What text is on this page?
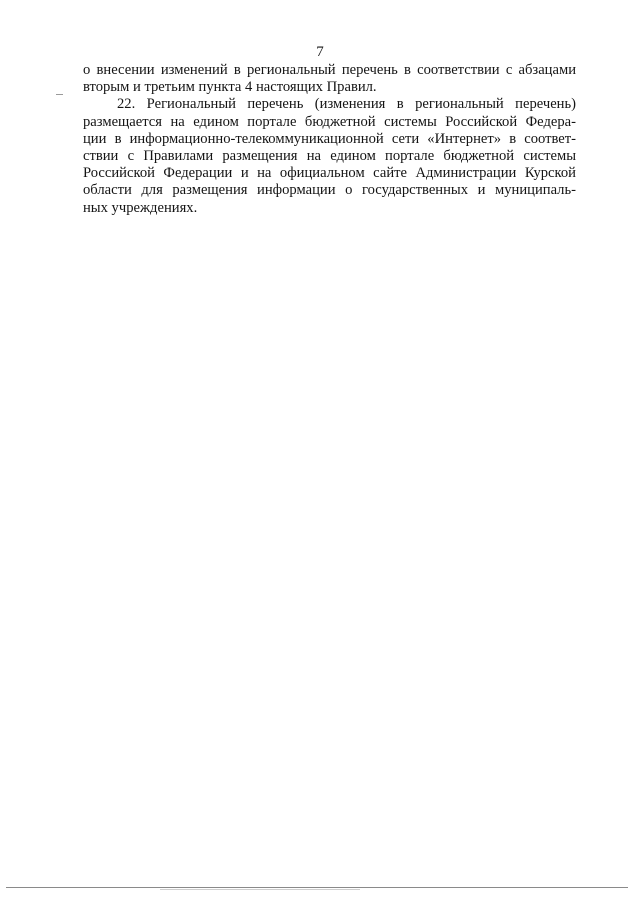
7
о внесении изменений в региональный перечень в соответствии с абзацами
вторым и третьим пункта 4 настоящих Правил.
22. Региональный перечень (изменения в региональный перечень)
размещается на едином портале бюджетной системы Российской Федера-
ции в информационно-телекоммуникационной сети «Интернет» в соответ-
ствии с Правилами размещения на едином портале бюджетной системы
Российской Федерации и на официальном сайте Администрации Курской
области для размещения информации о государственных и муниципаль-
ных учреждениях.
